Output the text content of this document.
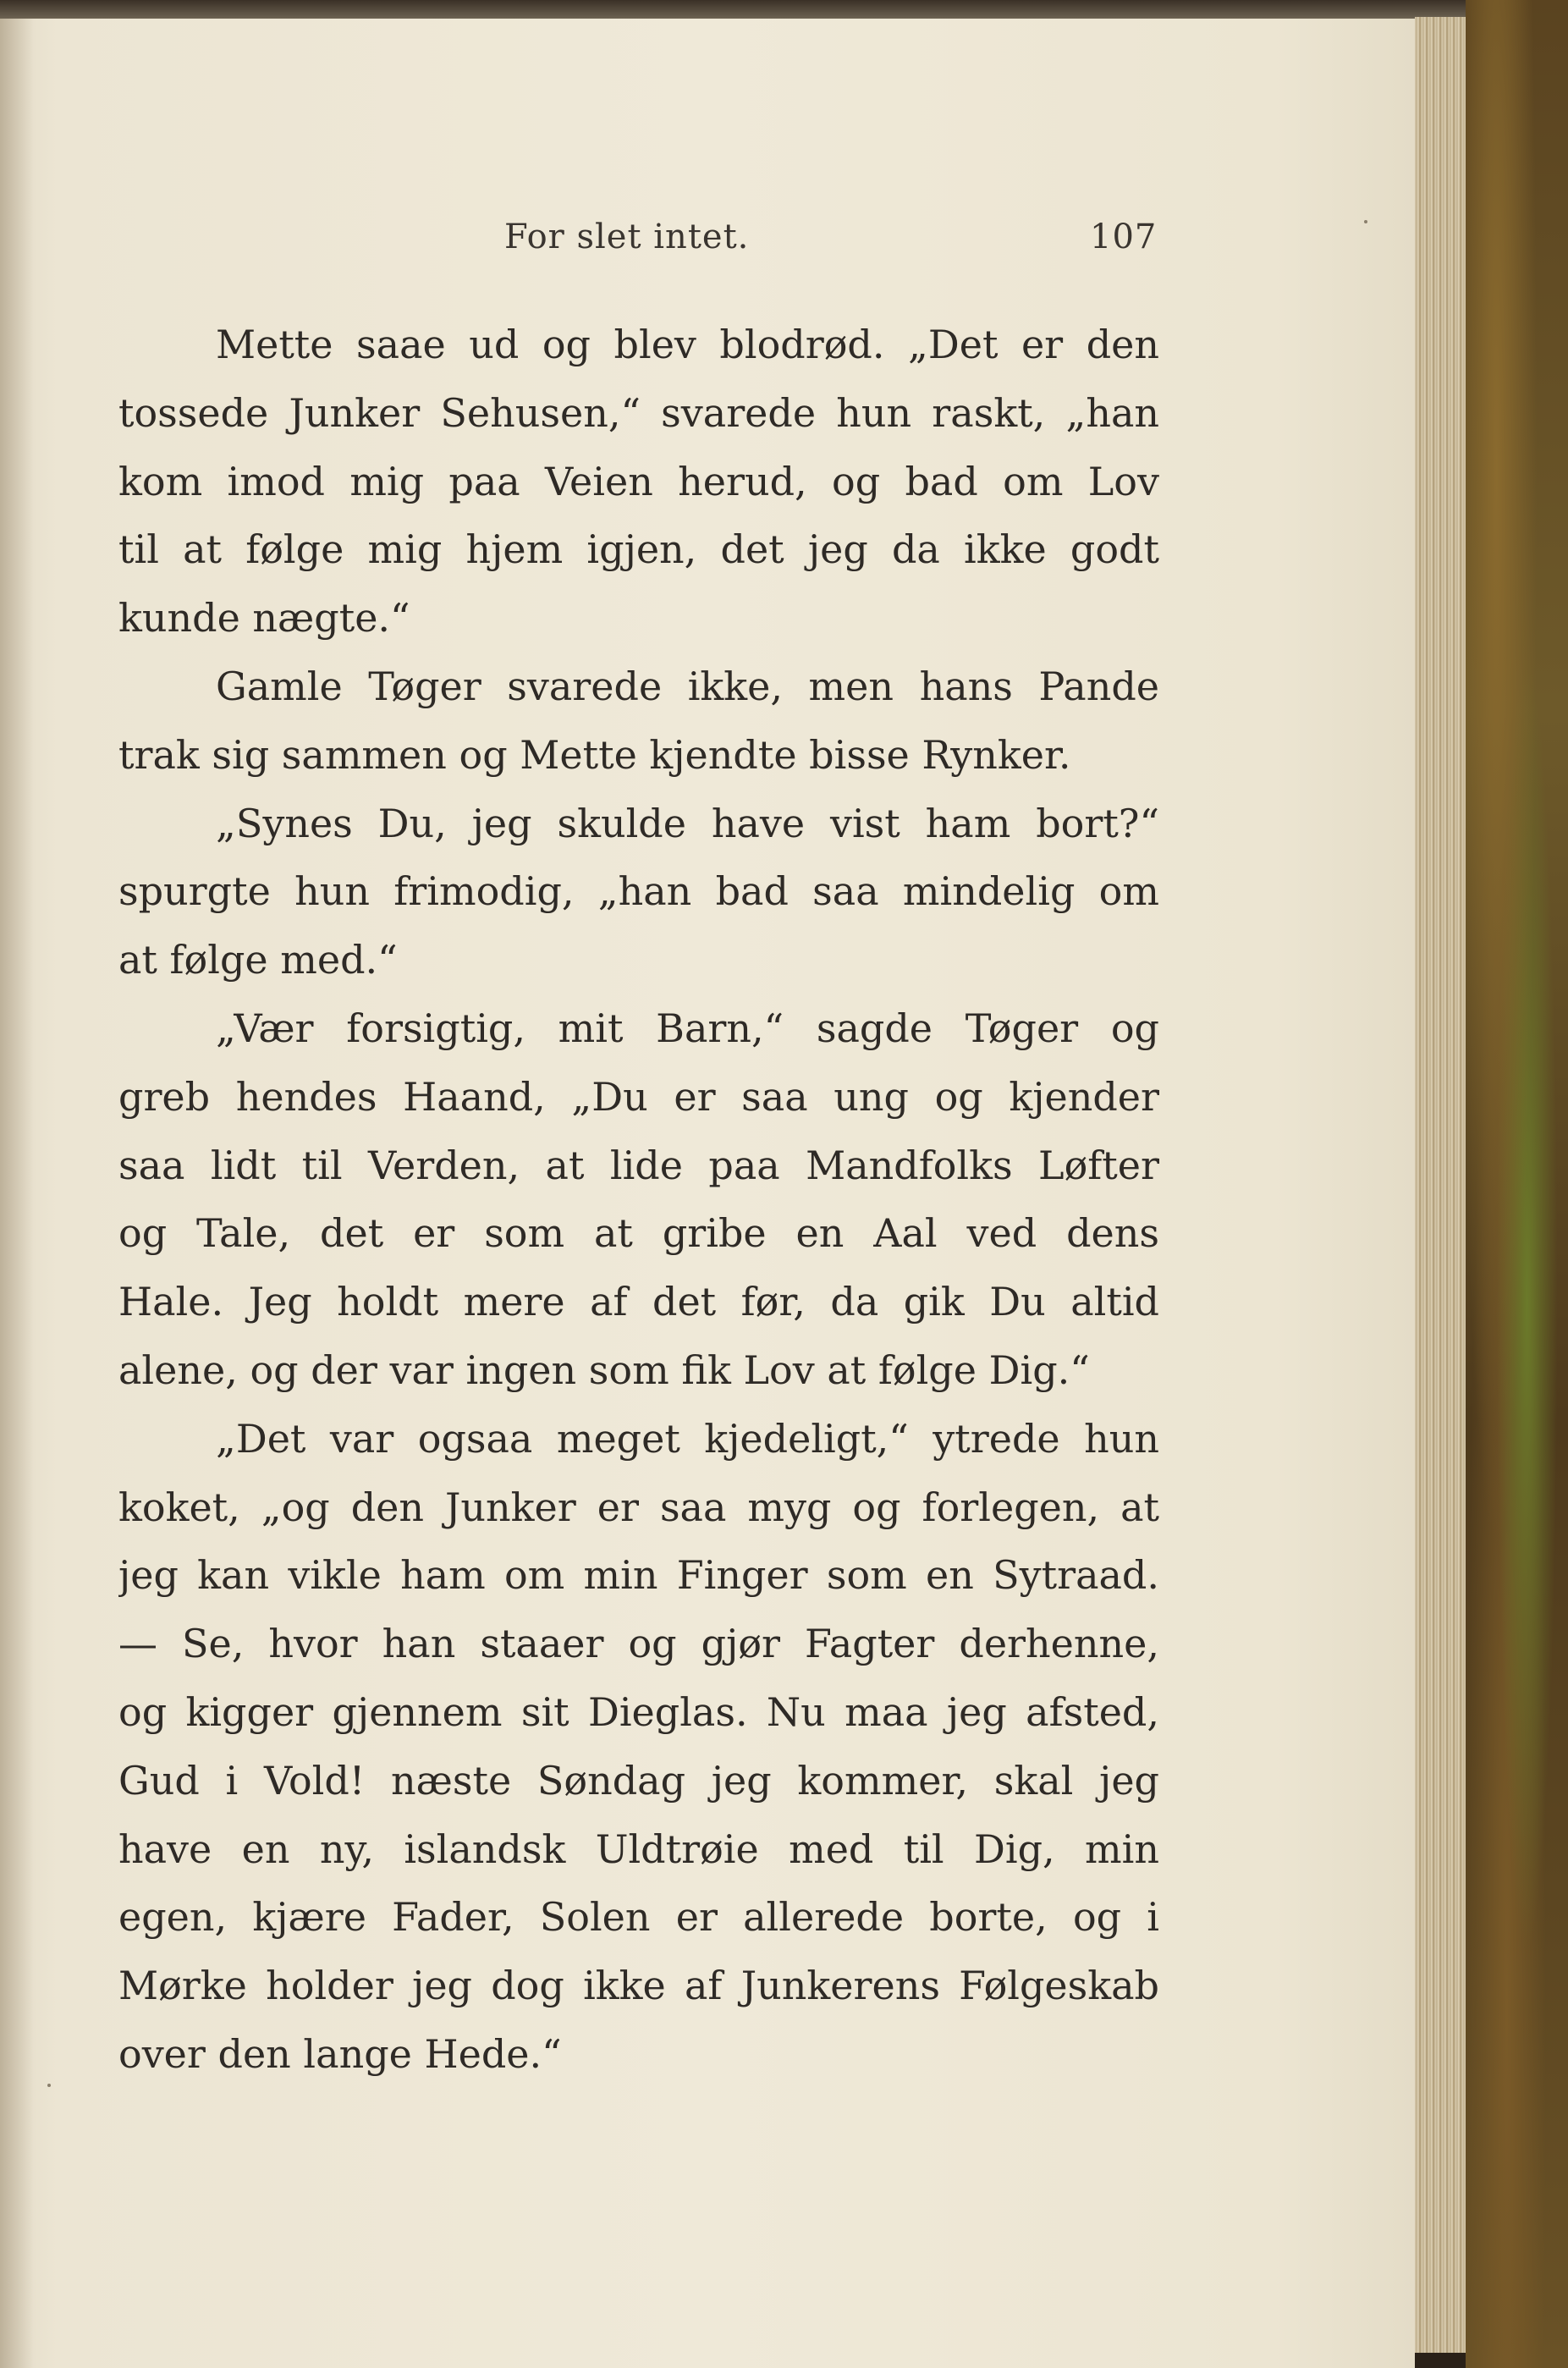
For slet intet.	107
Mette saae ud og blev blodrød. „Det er den
tossede Junker Sehusen,“ svarede hun raskt, „han
kom imod mig paa Veien herud, og bad om Lov
til at følge mig hjem igjen, det jeg da ikke godt
kunde nægte.“
Gamle Tøger svarede ikke, men hans Pande
trak sig sammen og Mette kjendte bisse Rynker.
„Synes Du, jeg skulde have vist ham bort?“
spurgte hun frimodig, „han bad saa mindelig om
at følge med.“
„Vær forsigtig, mit Barn,“ sagde Tøger og
greb hendes Haand, „Du er saa ung og kjender
saa lidt til Verden, at lide paa Mandfolks Løfter
og Tale, det er som at gribe en Aal ved dens
Hale. Jeg holdt mere af det før, da gik Du altid
alene, og der var ingen som fik Lov at følge Dig.“
„Det var ogsaa meget kjedeligt,“ ytrede hun
koket, „og den Junker er saa myg og forlegen, at
jeg kan vikle ham om min Finger som en Sytraad.
— Se, hvor han staaer og gjør Fagter derhenne,
og kigger gjennem sit Dieglas. Nu maa jeg afsted,
Gud i Vold! næste Søndag jeg kommer, skal jeg
have en ny, islandsk Uldtrøie med til Dig, min
egen, kjære Fader, Solen er allerede borte, og i
Mørke holder jeg dog ikke af Junkerens Følgeskab
over den lange Hede.“
